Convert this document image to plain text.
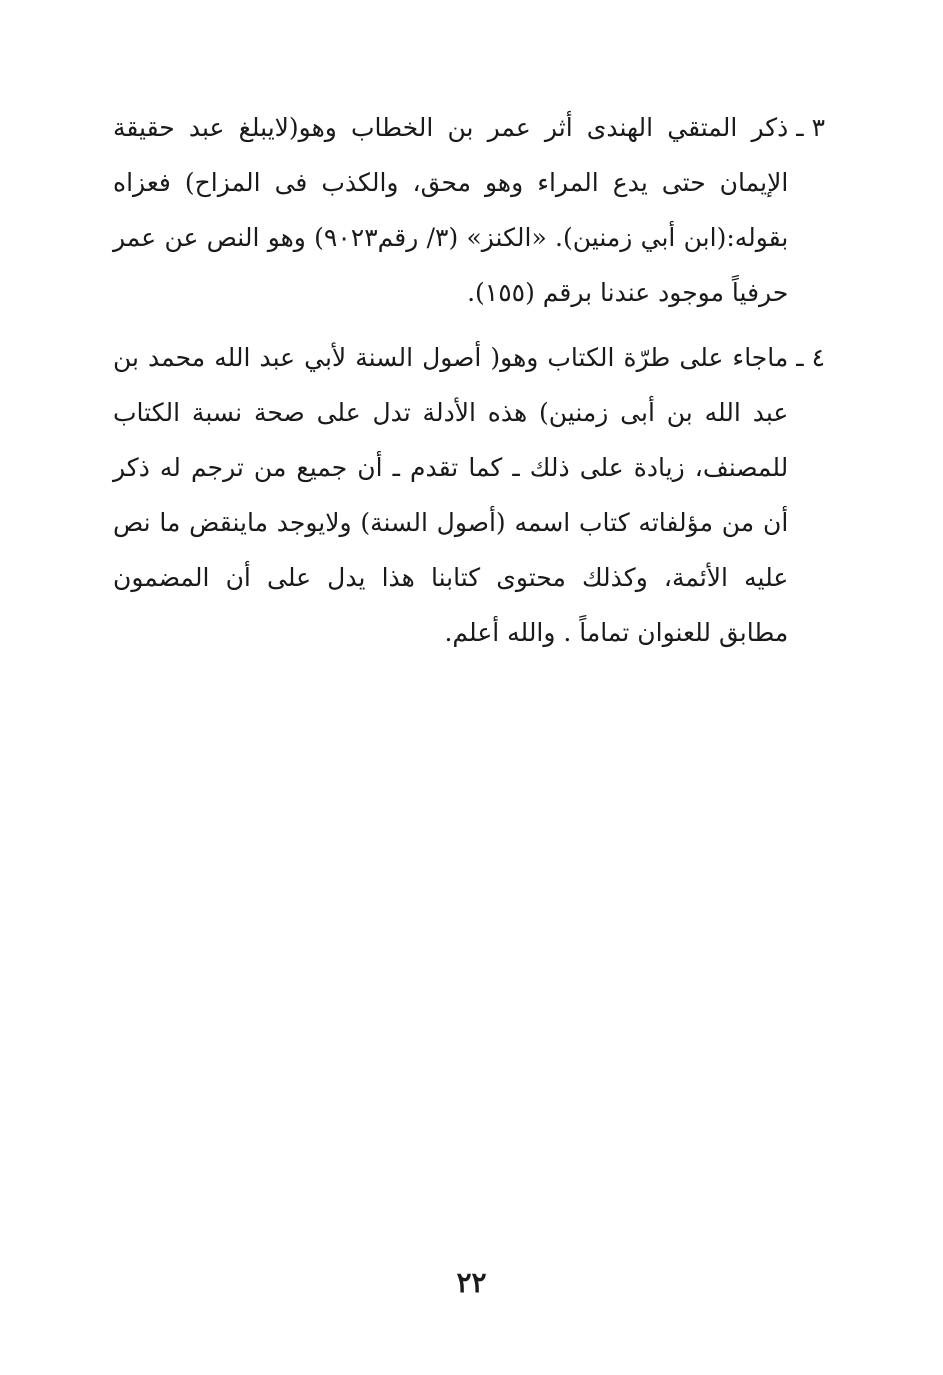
٣ ـ
ذكر المتقي الهندى أثر عمر بن الخطاب وهو(لايبلغ عبد حقيقة الإيمان حتى يدع المراء وهو محق، والكذب فى المزاح) فعزاه بقوله:(ابن أبي زمنين). «الكنز» (٣/ رقم٩٠٢٣) وهو النص عن عمر حرفياً موجود عندنا برقم (١٥٥).
٤ ـ
ماجاء على طرّة الكتاب وهو( أصول السنة لأبي عبد الله محمد بن عبد الله بن أبى زمنين) هذه الأدلة تدل على صحة نسبة الكتاب للمصنف، زيادة على ذلك ـ كما تقدم ـ أن جميع من ترجم له ذكر أن من مؤلفاته كتاب اسمه (أصول السنة) ولايوجد ماينقض ما نص عليه الأئمة، وكذلك محتوى كتابنا هذا يدل على أن المضمون مطابق للعنوان تماماً . والله أعلم.
٢٢
